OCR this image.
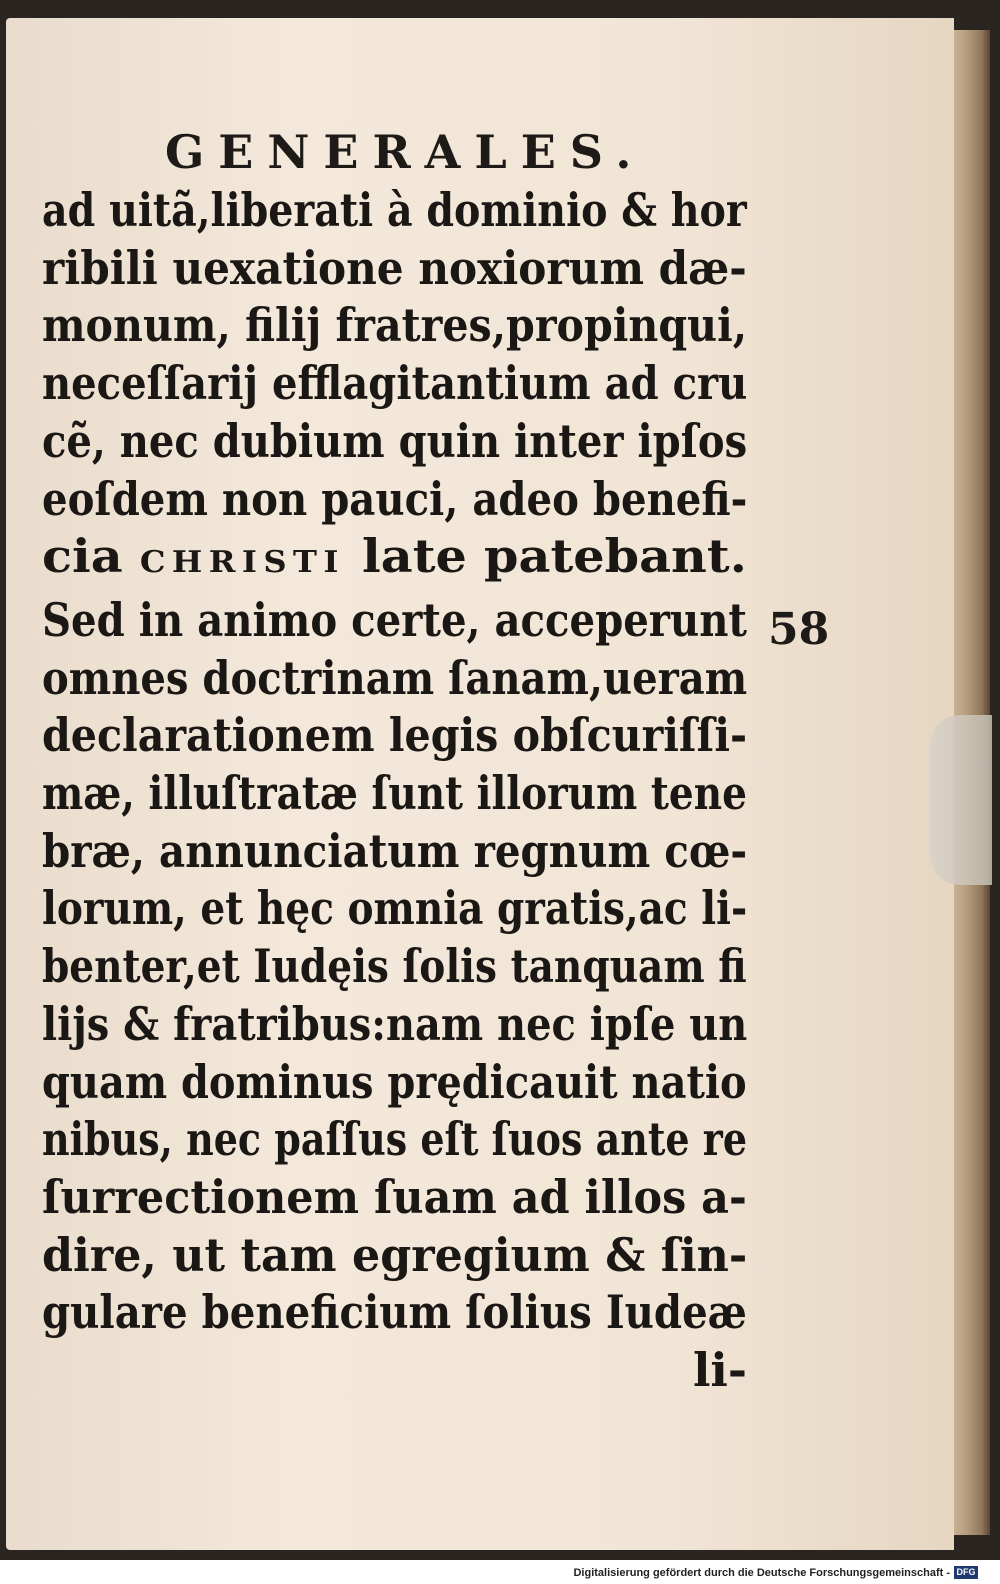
GENERALES.
ad uitã,liberati à dominio & hor
ribili uexatione noxiorum dæ-
monum, filij fratres,propinqui,
neceſſarij efflagitantium ad cru
cẽ, nec dubium quin inter ipſos
eoſdem non pauci, adeo benefi-
cia CHRISTI late patebant.
Sed in animo certe, acceperunt
omnes doctrinam ſanam,ueram
declarationem legis obſcuriſſi-
mæ, illuſtratæ ſunt illorum tene
bræ, annunciatum regnum cœ-
lorum, et hęc omnia gratis,ac li-
benter,et Iudęis ſolis tanquam fi
lijs & fratribus:nam nec ipſe un
quam dominus prędicauit natio
nibus, nec paſſus eſt ſuos ante re
ſurrectionem ſuam ad illos a-
dire, ut tam egregium & ſin-
gulare beneficium ſolius Iudeæ
li-
58
Digitalisierung gefördert durch die Deutsche Forschungsgemeinschaft - DFG
